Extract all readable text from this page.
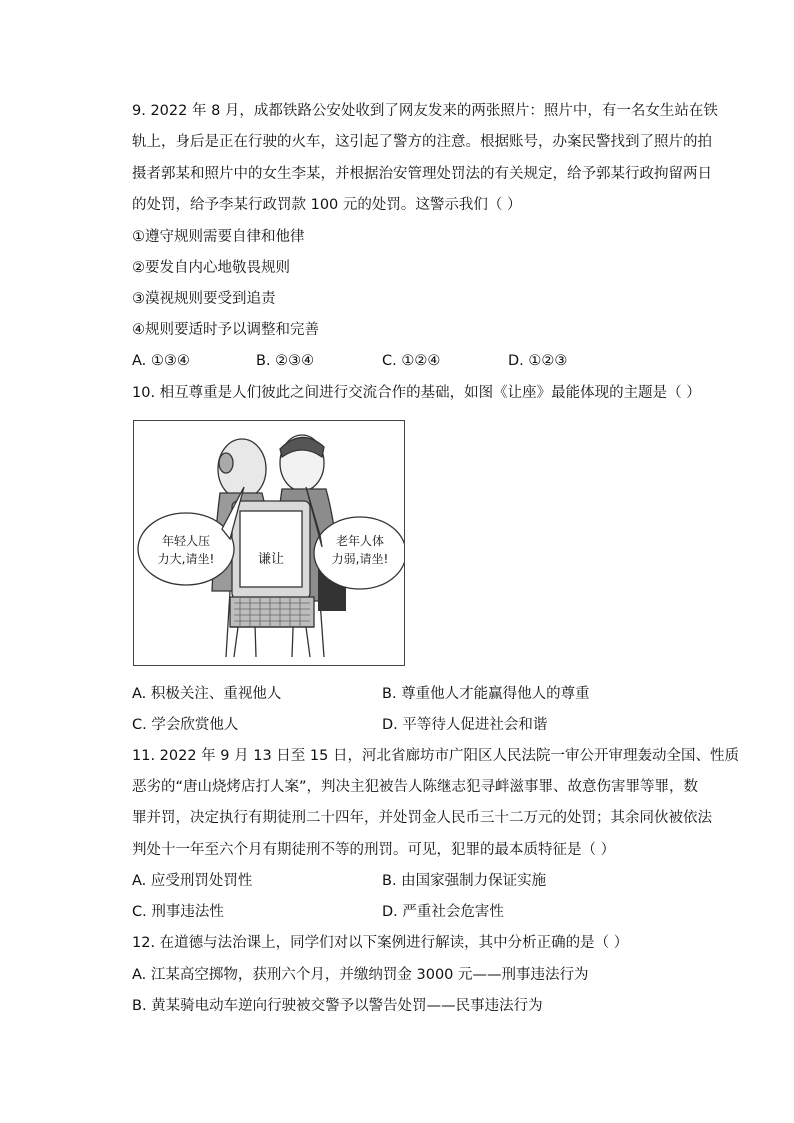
9. 2022 年 8 月，成都铁路公安处收到了网友发来的两张照片：照片中，有一名女生站在铁
轨上，身后是正在行驶的火车，这引起了警方的注意。根据账号，办案民警找到了照片的拍
摄者郭某和照片中的女生李某，并根据治安管理处罚法的有关规定，给予郭某行政拘留两日
的处罚，给予李某行政罚款 100 元的处罚。这警示我们（ ）
①遵守规则需要自律和他律
②要发自内心地敬畏规则
③漠视规则要受到追责
④规则要适时予以调整和完善
A. ①③④	B. ②③④	C. ①②④	D. ①②③
10. 相互尊重是人们彼此之间进行交流合作的基础，如图《让座》最能体现的主题是（ ）
年轻人压
力大,请坐!
老年人体
力弱,请坐!
谦让
A. 积极关注、重视他人	B. 尊重他人才能赢得他人的尊重
C. 学会欣赏他人	D. 平等待人促进社会和谐
11. 2022 年 9 月 13 日至 15 日，河北省廊坊市广阳区人民法院一审公开审理轰动全国、性质
恶劣的“唐山烧烤店打人案”，判决主犯被告人陈继志犯寻衅滋事罪、故意伤害罪等罪，数
罪并罚，决定执行有期徒刑二十四年，并处罚金人民币三十二万元的处罚；其余同伙被依法
判处十一年至六个月有期徒刑不等的刑罚。可见，犯罪的最本质特征是（ ）
A. 应受刑罚处罚性	B. 由国家强制力保证实施
C. 刑事违法性	D. 严重社会危害性
12. 在道德与法治课上，同学们对以下案例进行解读，其中分析正确的是（ ）
A. 江某高空掷物，获刑六个月，并缴纳罚金 3000 元——刑事违法行为
B. 黄某骑电动车逆向行驶被交警予以警告处罚——民事违法行为
